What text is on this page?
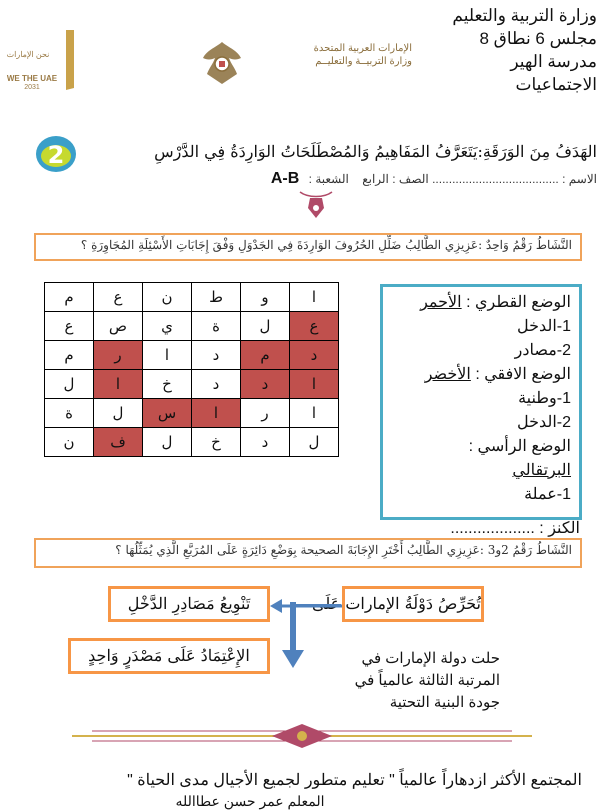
وزارة التربية والتعليم
مجلس 6 نطاق 8
مدرسة الهير
الاجتماعيات
الإمارات العربية المتحدة
وزارة التربيــة والتعليــم
نحن الإمارات
WE THE UAE
2031
الهَدَفُ مِنَ الوَرَقَةِ:يَتَعَرَّفُ المَفَاهِيمُ وَالمُصْطَلَحَاتُ الوَارِدَةُ فِي الدَّرْسِ
2
الاسم : ...................................... الصف : الرابع    الشعبة : A-B
النَّشَاطُ رَقْمُ وَاحِدٌ :عَزِيزِي الطَّالِبُ ضَلِّلِ الحُرُوفَ الوَارِدَةَ فِي الجَدْوَلِ وَفْقَ إِجَابَاتِ الأَسْئِلَةِ المُجَاوِرَةِ ؟
ا	و	ط	ن	ع	م
ع	ل	ة	ي	ص	ع
د	م	د	ا	ر	م
ا	د	د	خ	ا	ل
ا	ر	ا	س	ل	ة
ل	د	خ	ل	ف	ن
الوضع القطري : الأحمر
1-الدخل
2-مصادر
الوضع الافقي : الأخضر
1-وطنية
2-الدخل
الوضع الرأسي :
البرتقالي
1-عملة
الكنز : ...................
النَّشَاطُ رَقْمُ 2و3 :عَزِيزِي الطَّالِبُ أَخْتَرِ الإِجَابَةَ الصحيحة بِوَضْعِ دَائِرَةٍ عَلَى المُرَبَّعِ الَّذِي يُمَثِّلُهَا ؟
تُحَرِّصُ دَوْلَةُ الإمارات عَلَى
تَنْوِيعُ مَصَادِرِ الدَّخْلِ
الإِعْتِمَادُ عَلَى مَصْدَرٍ وَاحِدٍ	حلت دولة الإمارات في
المرتبة الثالثة عالمياً في
جودة البنية التحتية
المجتمع الأكثر ازدهاراً عالمياً " تعليم متطور لجميع الأجيال مدى الحياة "
المعلم عمر حسن عطاالله
